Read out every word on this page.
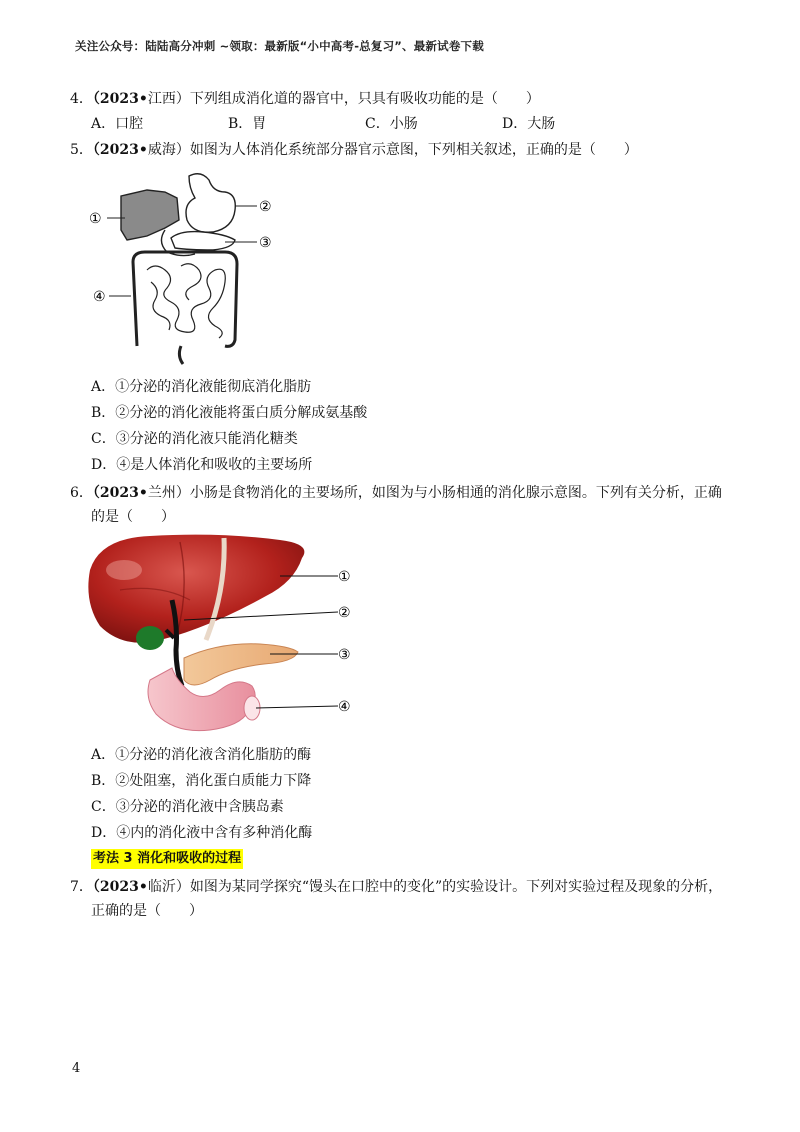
关注公众号：陆陆高分冲刺 ~领取：最新版“小中高考-总复习”、最新试卷下载
4．（2023•江西）下列组成消化道的器官中，只具有吸收功能的是（　　）
A．口腔	B．胃	C．小肠	D．大肠
5．（2023•威海）如图为人体消化系统部分器官示意图，下列相关叙述，正确的是（　　）
①
②
③
④
A．①分泌的消化液能彻底消化脂肪
B．②分泌的消化液能将蛋白质分解成氨基酸
C．③分泌的消化液只能消化糖类
D．④是人体消化和吸收的主要场所
6．（2023•兰州）小肠是食物消化的主要场所，如图为与小肠相通的消化腺示意图。下列有关分析，正确
的是（　　）
①
②
③
④
A．①分泌的消化液含消化脂肪的酶
B．②处阻塞，消化蛋白质能力下降
C．③分泌的消化液中含胰岛素
D．④内的消化液中含有多种消化酶
考法 3 消化和吸收的过程
7．（2023•临沂）如图为某同学探究“馒头在口腔中的变化”的实验设计。下列对实验过程及现象的分析，
正确的是（　　）
4
